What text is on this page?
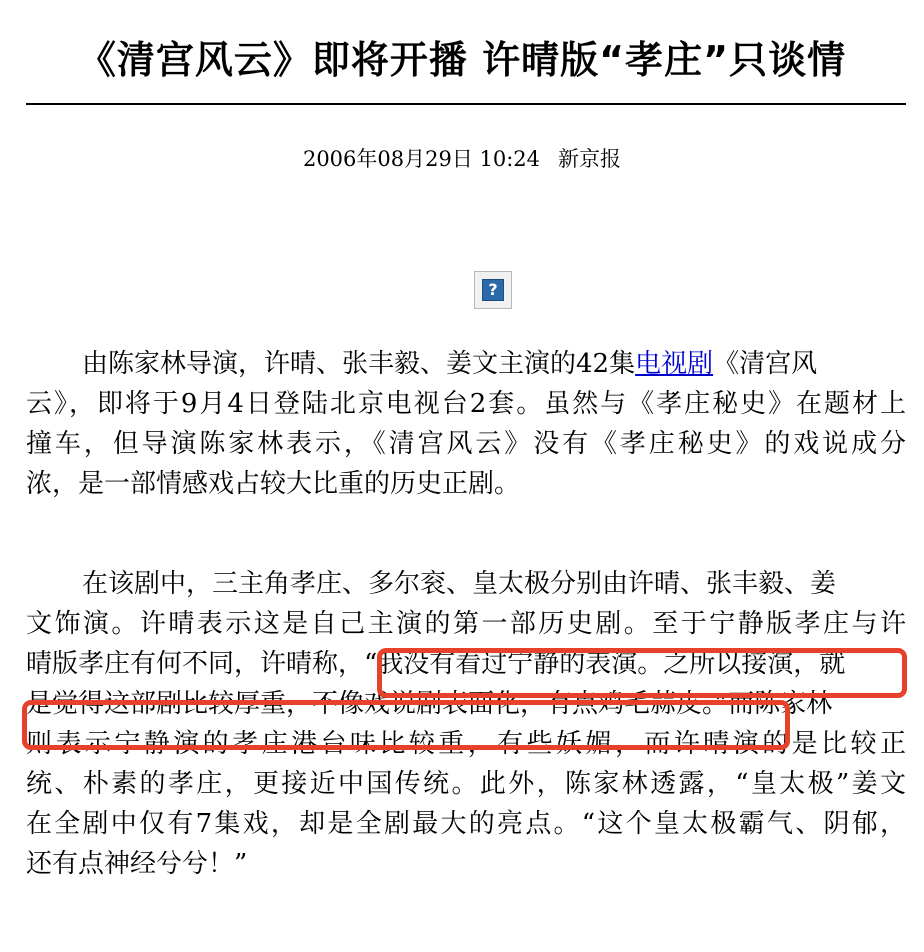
《清宫风云》即将开播 许晴版“孝庄”只谈情
2006年08月29日 10:24 新京报
?
由陈家林导演，许晴、张丰毅、姜文主演的42集电视剧《清宫风
云》，即将于9月4日登陆北京电视台2套。虽然与《孝庄秘史》在题材上
撞车，但导演陈家林表示，《清宫风云》没有《孝庄秘史》的戏说成分
浓，是一部情感戏占较大比重的历史正剧。
在该剧中，三主角孝庄、多尔衮、皇太极分别由许晴、张丰毅、姜
文饰演。许晴表示这是自己主演的第一部历史剧。至于宁静版孝庄与许
晴版孝庄有何不同，许晴称，“我没有看过宁静的表演。之所以接演，就
是觉得这部剧比较厚重，不像戏说剧表面化，有点鸡毛蒜皮。”而陈家林
则表示宁静演的孝庄港台味比较重，有些妖媚，而许晴演的是比较正
统、朴素的孝庄，更接近中国传统。此外，陈家林透露，“皇太极”姜文
在全剧中仅有7集戏，却是全剧最大的亮点。“这个皇太极霸气、阴郁，
还有点神经兮兮！”
